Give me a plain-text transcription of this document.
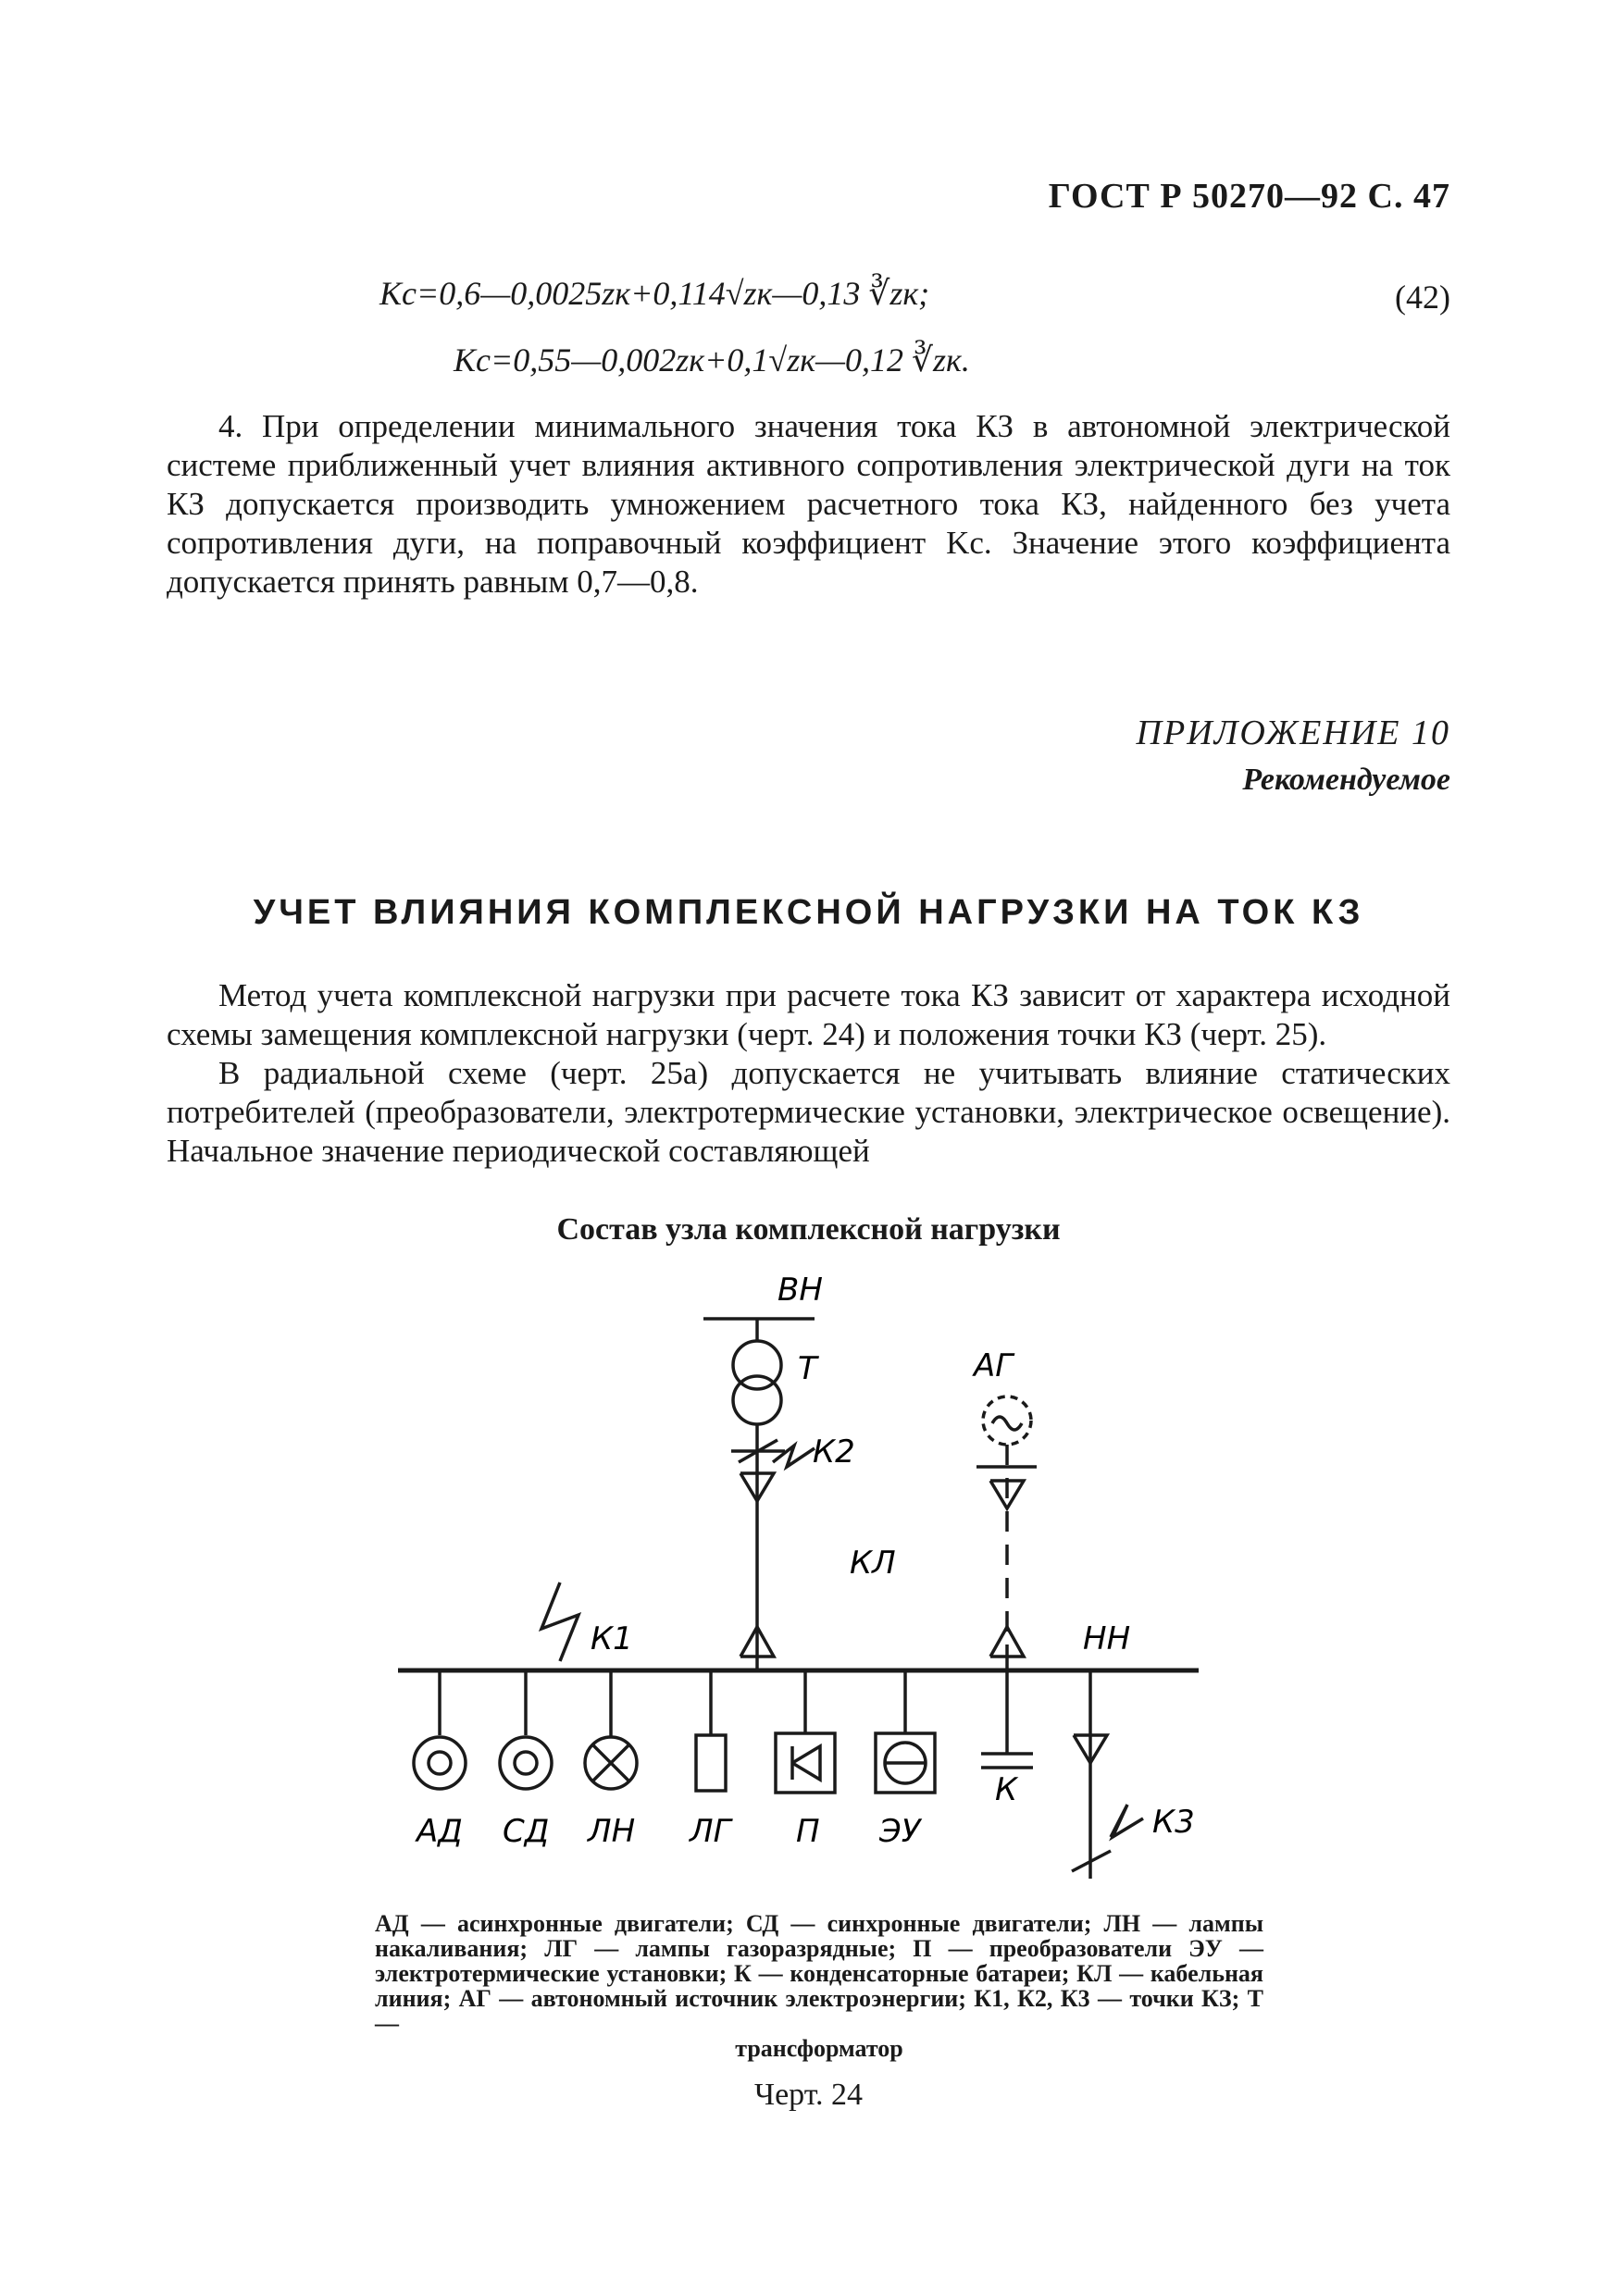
ГОСТ Р 50270—92 С. 47
Kс=0,6—0,0025zк+0,114√zк—0,13 ∛zк;	(42)
Kс=0,55—0,002zк+0,1√zк—0,12 ∛zк.

4. При определении минимального значения тока КЗ в автономной электрической системе приближенный учет влияния активного сопротивления электрической дуги на ток КЗ допускается производить умножением расчетного тока КЗ, найденного без учета сопротивления дуги, на поправочный коэффициент Kс. Значение этого коэффициента допускается принять равным 0,7—0,8.

ПРИЛОЖЕНИЕ 10
Рекомендуемое
УЧЕТ ВЛИЯНИЯ КОМПЛЕКСНОЙ НАГРУЗКИ НА ТОК КЗ

Метод учета комплексной нагрузки при расчете тока КЗ зависит от характера исходной схемы замещения комплексной нагрузки (черт. 24) и положения точки КЗ (черт. 25).

В радиальной схеме (черт. 25а) допускается не учитывать влияние статических потребителей (преобразователи, электротермические установки, электрическое освещение). Начальное значение периодической составляющей

Состав узла комплексной нагрузки
ВН
Т	АГ
К2
КЛ
К1	НН
К
К3
АД СД ЛН ЛГ П ЭУ
АД — асинхронные двигатели; СД — синхронные двигатели; ЛН — лампы накаливания; ЛГ — лампы газоразрядные; П — преобразователи ЭУ — электротермические установки; К — конденсаторные батареи; КЛ — кабельная линия; АГ — автономный источник электроэнергии; К1, К2, К3 — точки КЗ; Т —
трансформатор
Черт. 24
